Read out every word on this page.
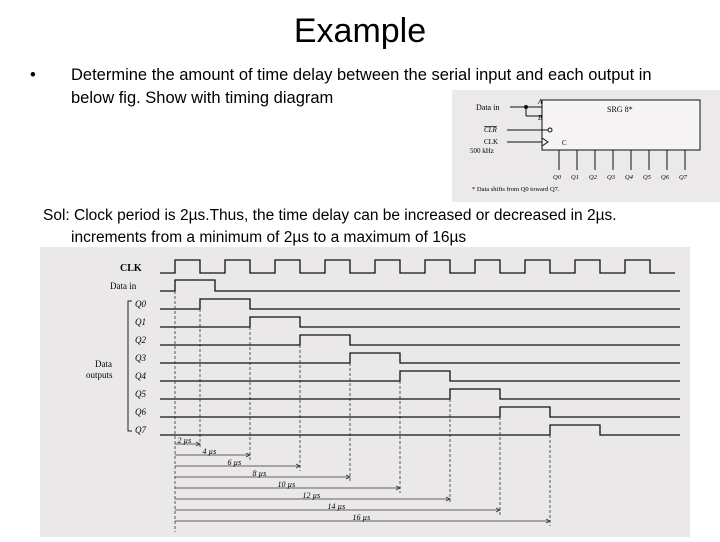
Example
• Determine the amount of time delay between the serial input and each output in below fig. Show with timing diagram
Data in
A
B
SRG 8*
CLR
CLK
500 kHz
C
Q0 Q1 Q2 Q3 Q4 Q5 Q6 Q7
* Data shifts from Q0 toward Q7.
Sol: Clock period is 2µs.Thus, the time delay can be increased or decreased in 2µs.
increments from a minimum of 2µs to a maximum of 16µs
CLK
Data in
Data
outputs
Q0
Q1
Q2
Q3
Q4
Q5
Q6
Q7
2 µs
4 µs
6 µs
8 µs
10 µs
12 µs
14 µs
16 µs
